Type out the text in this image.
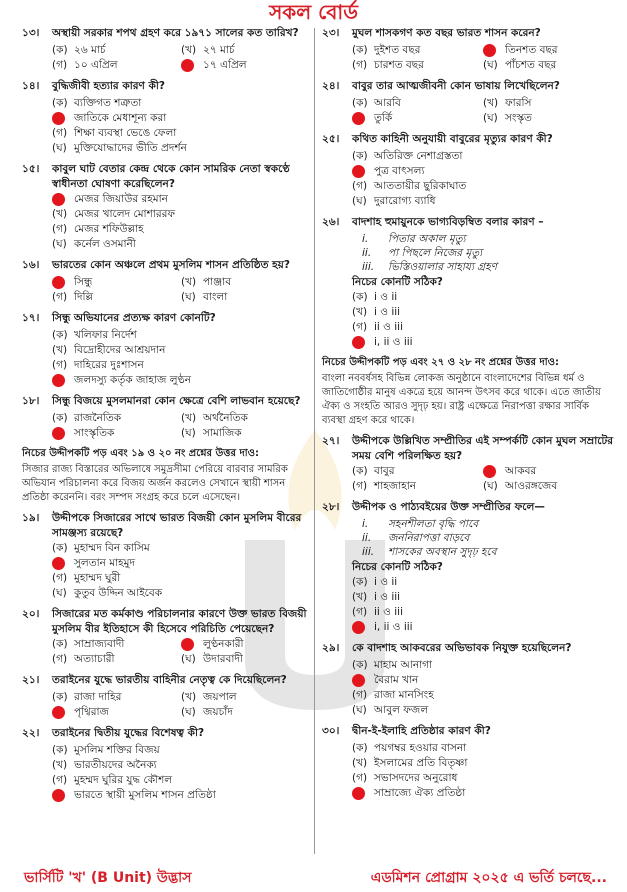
সকল বোর্ড
১৩।	অস্থায়ী সরকার শপথ গ্রহণ করে ১৯৭১ সালের কত তারিখ?
(ক) ২৬ মার্চ	(খ) ২৭ মার্চ
(গ) ১০ এপ্রিল	১৭ এপ্রিল
১৪।	বুদ্ধিজীবী হত্যার কারণ কী?
(ক) ব্যক্তিগত শত্রুতা
জাতিকে মেধাশূন্য করা
(গ) শিক্ষা ব্যবস্থা ভেঙে ফেলা
(ঘ) মুক্তিযোদ্ধাদের ভীতি প্রদর্শন
১৫।	কাবুল ঘাট বেতার কেন্দ্র থেকে কোন সামরিক নেতা স্বকণ্ঠে স্বাধীনতা ঘোষণা করেছিলেন?
মেজর জিয়াউর রহমান
(খ) মেজর খালেদ মোশাররফ
(গ) মেজর শফিউল্লাহ
(ঘ) কর্নেল ওসমানী
১৬।	ভারতের কোন অঞ্চলে প্রথম মুসলিম শাসন প্রতিষ্ঠিত হয়?
সিন্ধু	(খ) পাঞ্জাব
(গ) দিল্লি	(ঘ) বাংলা
১৭।	সিন্ধু অভিযানের প্রত্যক্ষ কারণ কোনটি?
(ক) খলিফার নির্দেশ
(খ) বিদ্রোহীদের আশ্রয়দান
(গ) দাহিরের দুঃশাসন
জলদস্যু কর্তৃক জাহাজ লুণ্ঠন
১৮।	সিন্ধু বিজয়ে মুসলমানরা কোন ক্ষেত্রে বেশি লাভবান হয়েছে?
(ক) রাজনৈতিক	(খ) অর্থনৈতিক
সাংস্কৃতিক	(ঘ) সামাজিক
নিচের উদ্দীপকটি পড় এবং ১৯ ও ২০ নং প্রশ্নের উত্তর দাও:
সিজার রাজ্য বিস্তারের অভিলাষে সমুদ্রসীমা পেরিয়ে বারবার সামরিক অভিযান পরিচালনা করে বিজয় অর্জন করলেও সেখানে স্থায়ী শাসন প্রতিষ্ঠা করেননি। বরং সম্পদ সংগ্রহ করে চলে এসেছেন।
১৯।	উদ্দীপকে সিজারের সাথে ভারত বিজয়ী কোন মুসলিম বীরের সামঞ্জস্য রয়েছে?
(ক) মুহাম্মদ বিন কাসিম
সুলতান মাহমুদ
(গ) মুহাম্মদ ঘুরী
(ঘ) কুতুব উদ্দিন আইবেক
২০।	সিজারের মত কর্মকাণ্ড পরিচালনার কারণে উক্ত ভারত বিজয়ী মুসলিম বীর ইতিহাসে কী হিসেবে পরিচিতি পেয়েছেন?
(ক) সাম্রাজ্যবাদী	লুণ্ঠনকারী
(গ) অত্যাচারী	(ঘ) উদারবাদী
২১।	তরাইনের যুদ্ধে ভারতীয় বাহিনীর নেতৃত্ব কে দিয়েছিলেন?
(ক) রাজা দাহির	(খ) জয়পাল
পৃথ্বিরাজ	(ঘ) জয়চাঁদ
২২।	তরাইনের দ্বিতীয় যুদ্ধের বিশেষত্ব কী?
(ক) মুসলিম শক্তির বিজয়
(খ) ভারতীয়দের অনৈক্য
(গ) মুহম্মদ ঘুরির যুদ্ধ কৌশল
ভারতে স্থায়ী মুসলিম শাসন প্রতিষ্ঠা
২৩।	মুঘল শাসকগণ কত বছর ভারত শাসন করেন?
(ক) দুইশত বছর	তিনশত বছর
(গ) চারশত বছর	(ঘ) পাঁচশত বছর
২৪।	বাবুর তার আত্মজীবনী কোন ভাষায় লিখেছিলেন?
(ক) আরবি	(খ) ফারসি
তুর্কি	(ঘ) সংস্কৃত
২৫।	কথিত কাহিনী অনুযায়ী বাবুরের মৃত্যুর কারণ কী?
(ক) অতিরিক্ত নেশাগ্রস্ততা
পুত্র বাৎসল্য
(গ) আততায়ীর ছুরিকাঘাত
(ঘ) দুরারোগ্য ব্যাধি
২৬।	বাদশাহ হুমায়ুনকে ভাগ্যবিড়ম্বিত বলার কারণ –
i.	পিতার অকাল মৃত্যু
ii.	পা পিছলে নিজের মৃত্যু
iii.	ভিস্তিওয়ালার সাহায্য গ্রহণ
নিচের কোনটি সঠিক?
(ক) i ও ii
(খ) i ও iii
(গ) ii ও iii
i, ii ও iii
নিচের উদ্দীপকটি পড় এবং ২৭ ও ২৮ নং প্রশ্নের উত্তর দাও:
বাংলা নববর্ষসহ বিভিন্ন লোকজ অনুষ্ঠানে বাংলাদেশের বিভিন্ন ধর্ম ও জাতিগোষ্ঠীর মানুষ একত্রে হয়ে আনন্দ উৎসব করে থাকে। এতে জাতীয় ঐক্য ও সংহতি আরও সুদৃঢ় হয়। রাষ্ট্র এক্ষেত্রে নিরাপত্তা রক্ষার সার্বিক ব্যবস্থা গ্রহণ করে থাকে।
২৭।	উদ্দীপকে উল্লিখিত সম্প্রীতির এই সম্পর্কটি কোন মুঘল সম্রাটের সময় বেশি পরিলক্ষিত হয়?
(ক) বাবুর	আকবর
(গ) শাহজাহান	(ঘ) আওরঙ্গজেব
২৮।	উদ্দীপক ও পাঠ্যবইয়ের উক্ত সম্প্রীতির ফলে—
i.	সহনশীলতা বৃদ্ধি পাবে
ii.	জননিরাপত্তা বাড়বে
iii.	শাসকের অবস্থান সুদৃঢ় হবে
নিচের কোনটি সঠিক?
(ক) i ও ii
(খ) i ও iii
(গ) ii ও iii
i, ii ও iii
২৯।	কে বাদশাহ আকবরের অভিভাবক নিযুক্ত হয়েছিলেন?
(ক) মাহাম আনাগা
বৈরাম খান
(গ) রাজা মানসিংহ
(ঘ) আবুল ফজল
৩০।	দ্বীন-ই-ইলাহি প্রতিষ্ঠার কারণ কী?
(ক) পয়গম্বর হওয়ার বাসনা
(খ) ইসলামের প্রতি বিতৃষ্ণা
(গ) সভাসদদের অনুরোধ
সাম্রাজ্যে ঐক্য প্রতিষ্ঠা
ভার্সিটি 'খ' (B Unit) উদ্ভাস	এডমিশন প্রোগ্রাম ২০২৫ এ ভর্তি চলছে...
